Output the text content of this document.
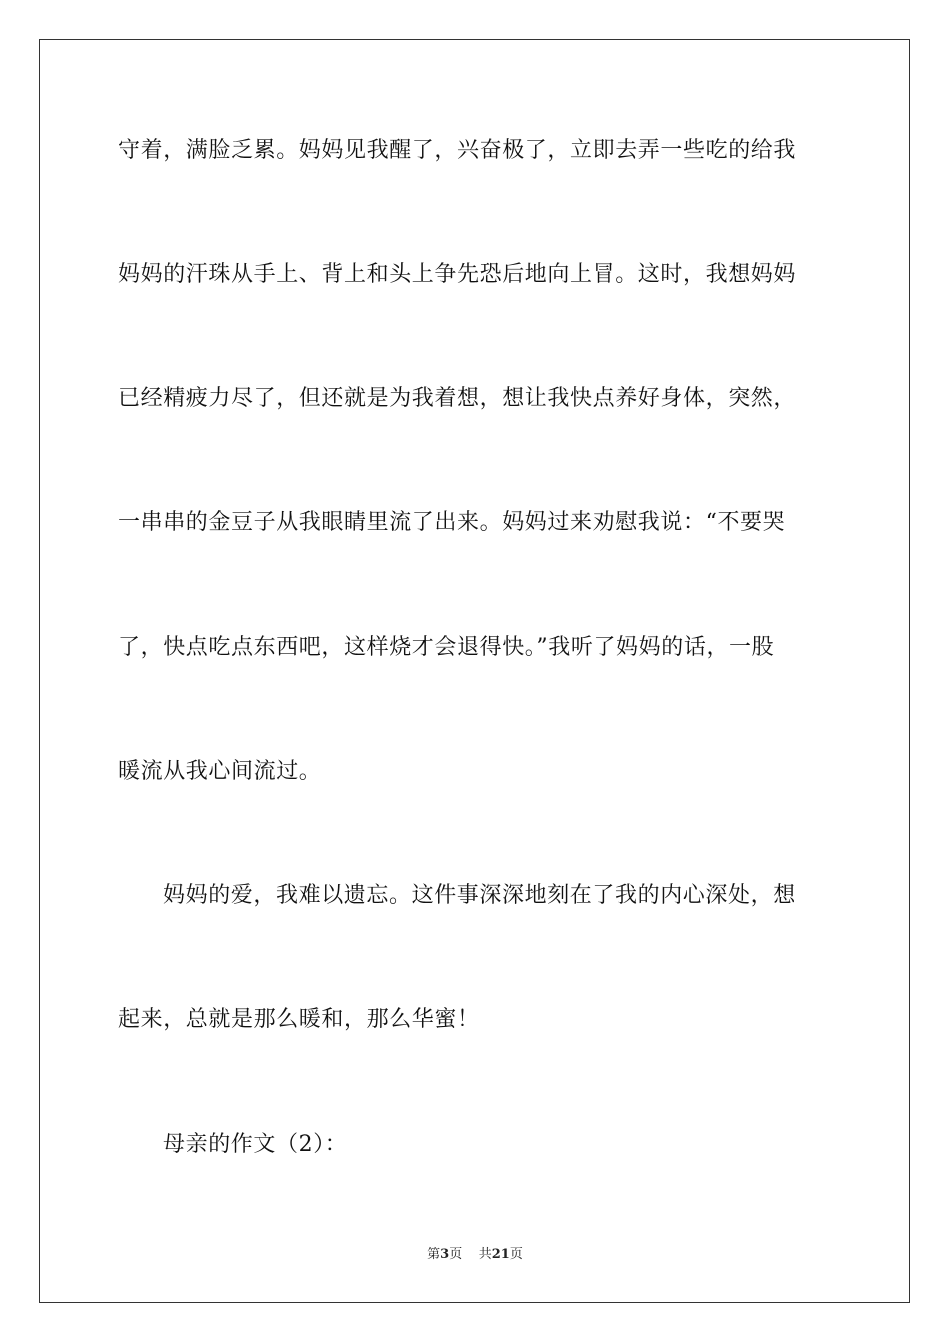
守着，满脸乏累。妈妈见我醒了，兴奋极了，立即去弄一些吃的给我
妈妈的汗珠从手上、背上和头上争先恐后地向上冒。这时，我想妈妈
已经精疲力尽了，但还就是为我着想，想让我快点养好身体，突然，
一串串的金豆子从我眼睛里流了出来。妈妈过来劝慰我说：“不要哭
了，快点吃点东西吧，这样烧才会退得快。”我听了妈妈的话，一股
暖流从我心间流过。
妈妈的爱，我难以遗忘。这件事深深地刻在了我的内心深处，想
起来，总就是那么暖和，那么华蜜！
母亲的作文（2）：
第3页 共21页
